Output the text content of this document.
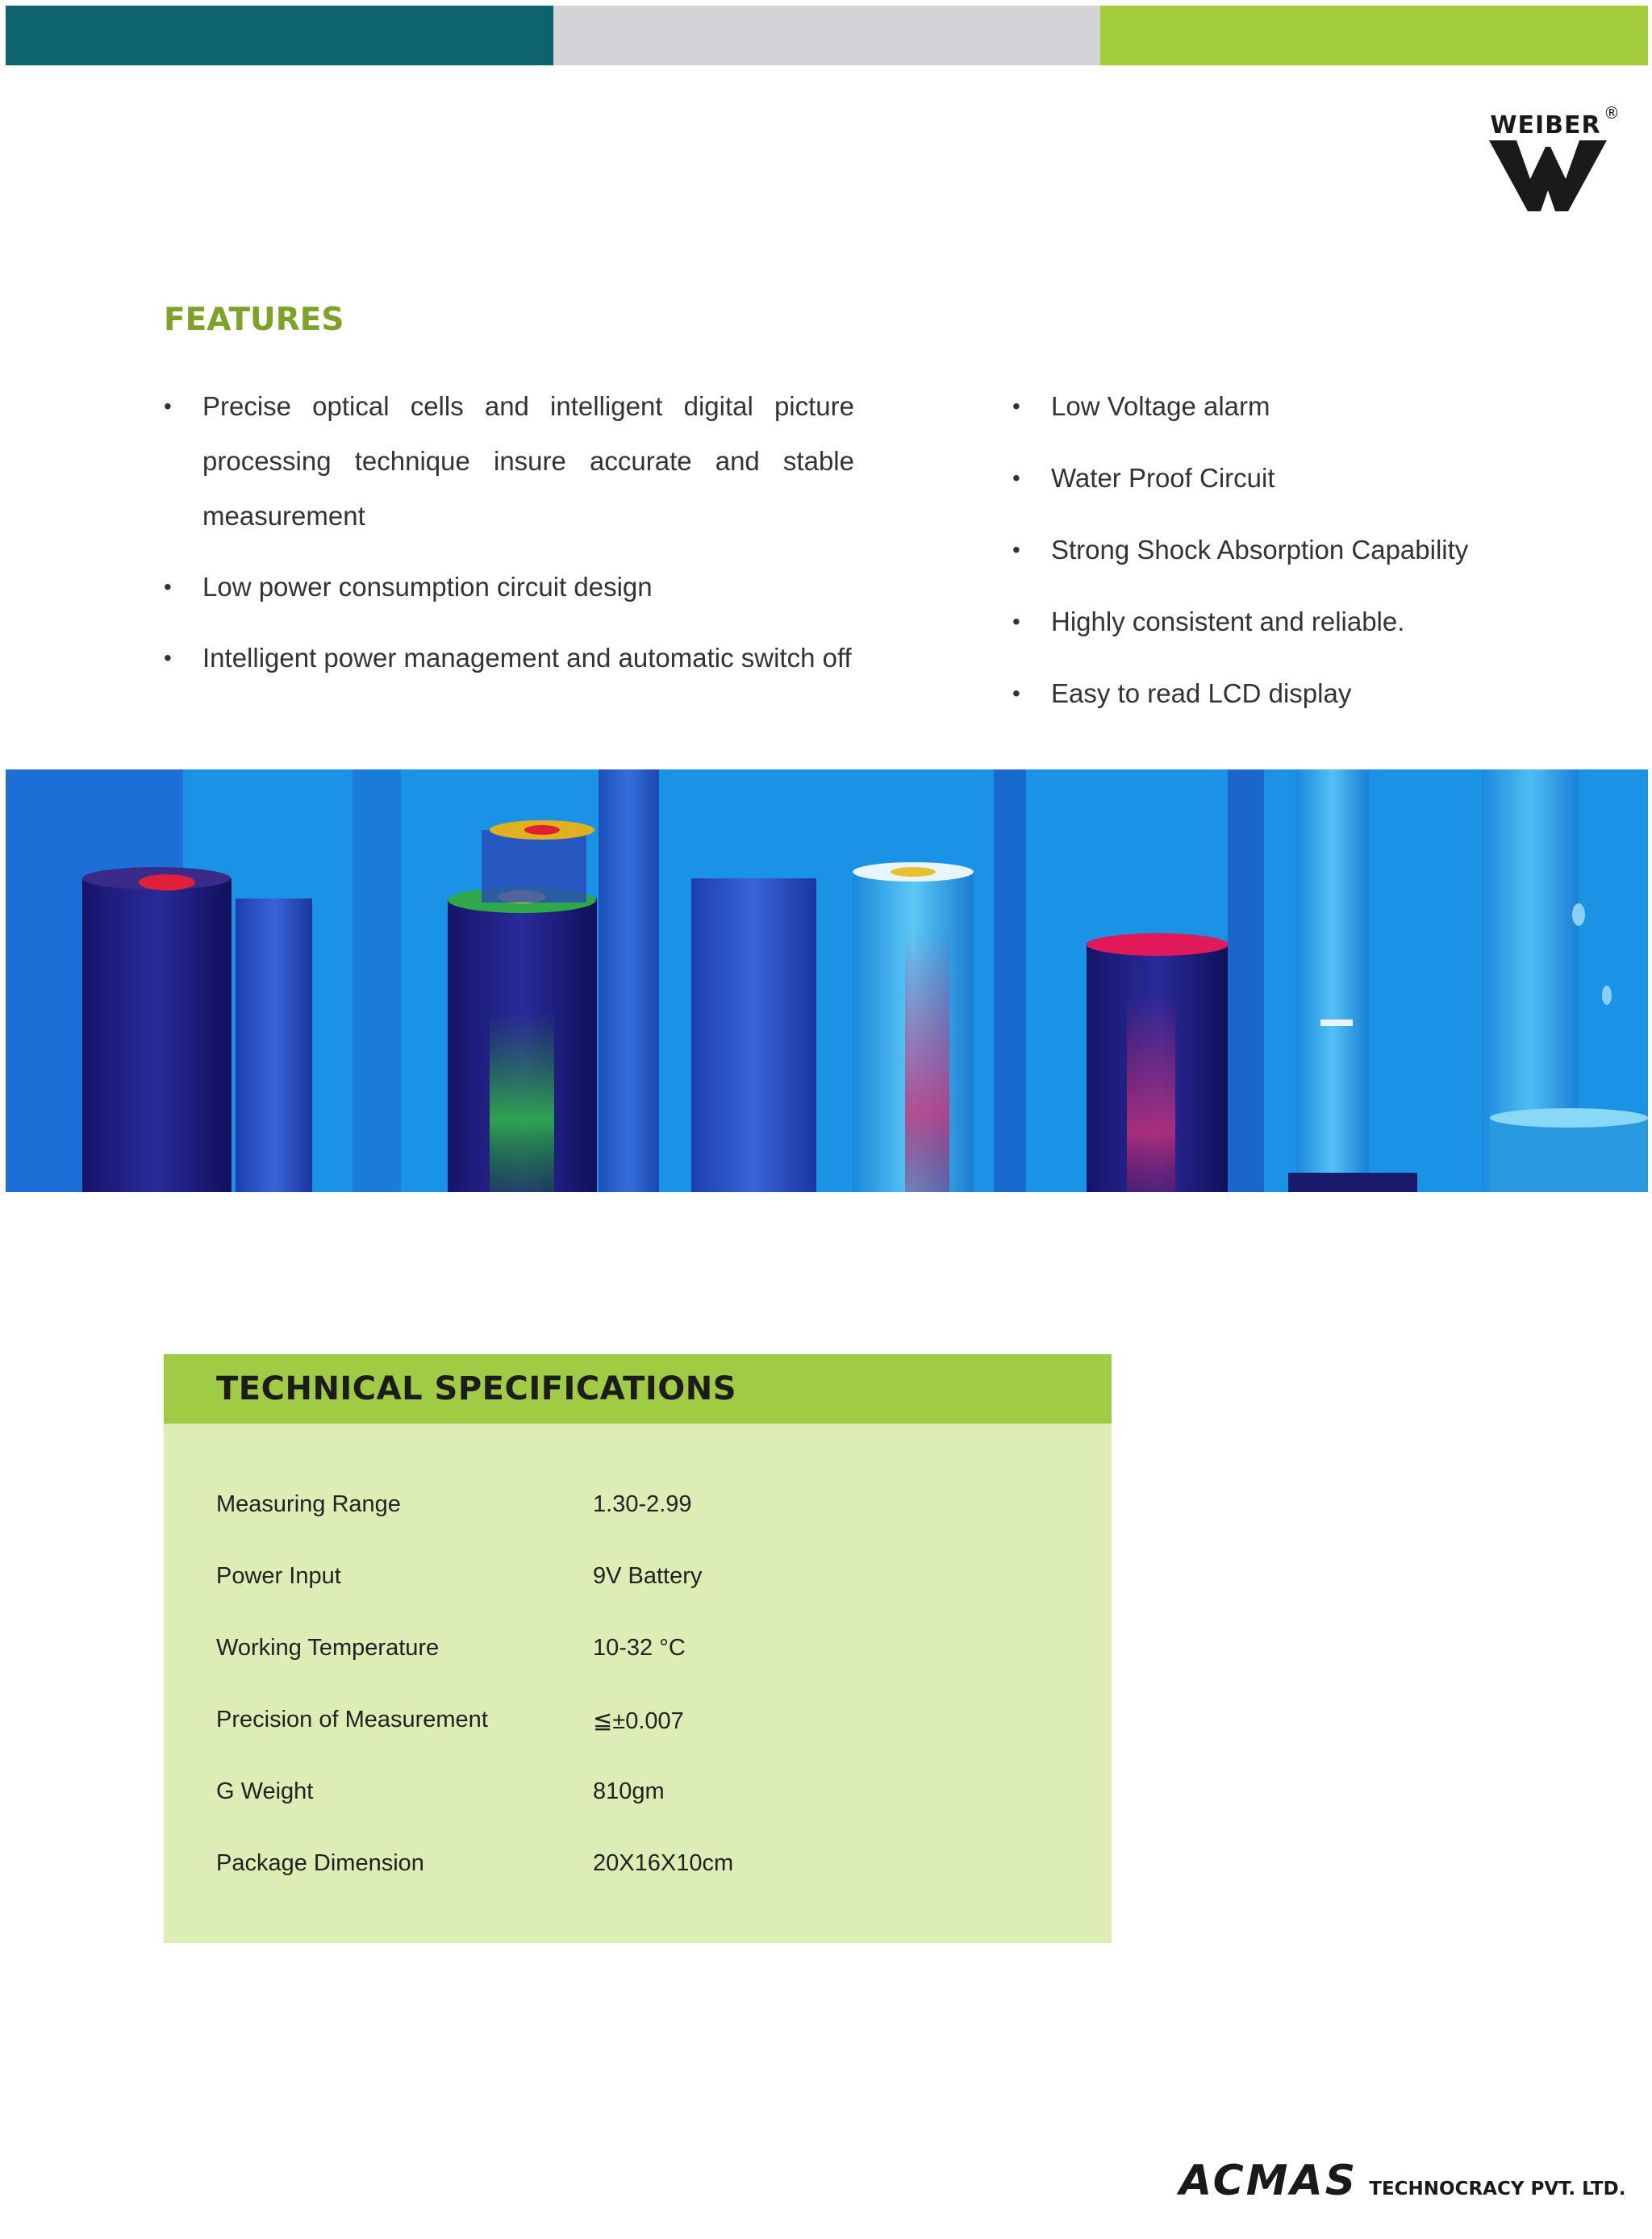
®
WEIBER
FEATURES
• Precise optical cells and intelligent digital picture processing technique insure accurate and stable measurement
• Low power consumption circuit design
• Intelligent power management and automatic switch off
• Low Voltage alarm
• Water Proof Circuit
• Strong Shock Absorption Capability
• Highly consistent and reliable.
• Easy to read LCD display
TECHNICAL SPECIFICATIONS
Measuring Range	1.30-2.99
Power Input	9V Battery
Working Temperature	10-32 °C
Precision of Measurement	≦±0.007
G Weight	810gm
Package Dimension	20X16X10cm
ACMAS TECHNOCRACY PVT. LTD.
